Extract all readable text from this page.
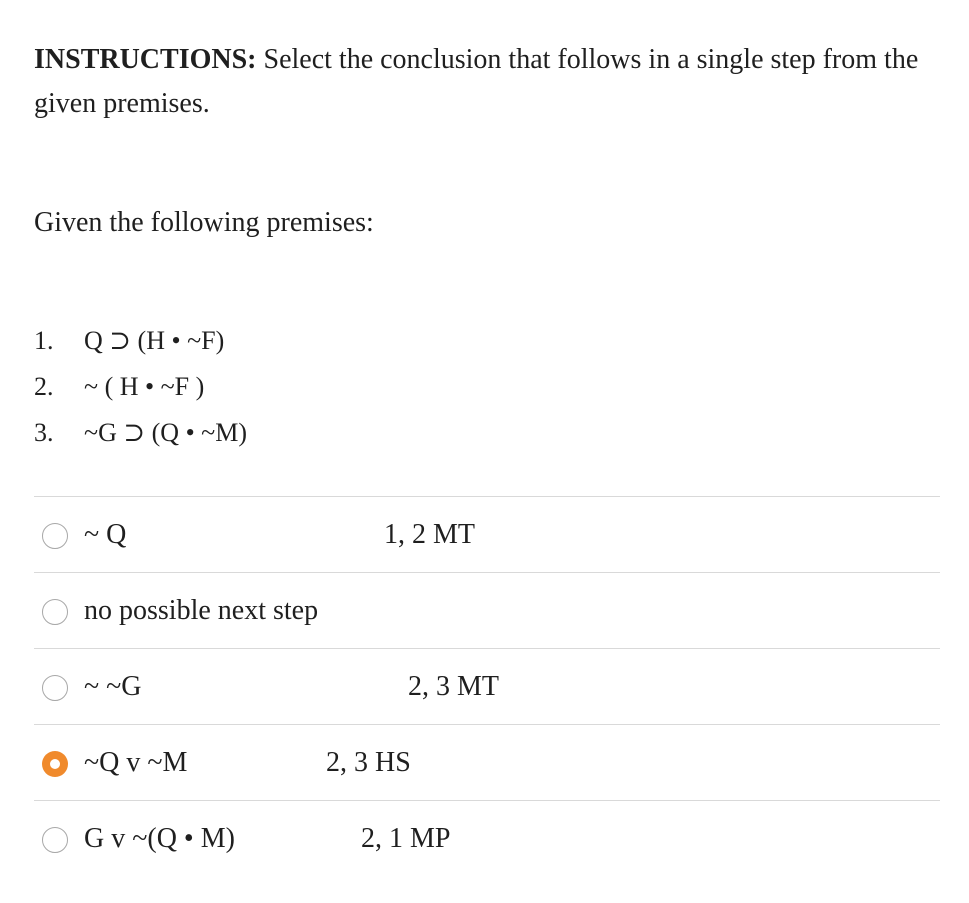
INSTRUCTIONS: Select the conclusion that follows in a single step from the given premises.
Given the following premises:
1.	Q ⊃ (H • ~F)
2.	~ ( H • ~F )
3.	~G ⊃ (Q • ~M)
~ Q	1, 2 MT
no possible next step
~ ~G	2, 3 MT
~Q v ~M	2, 3 HS
G v ~(Q • M)	2, 1 MP
